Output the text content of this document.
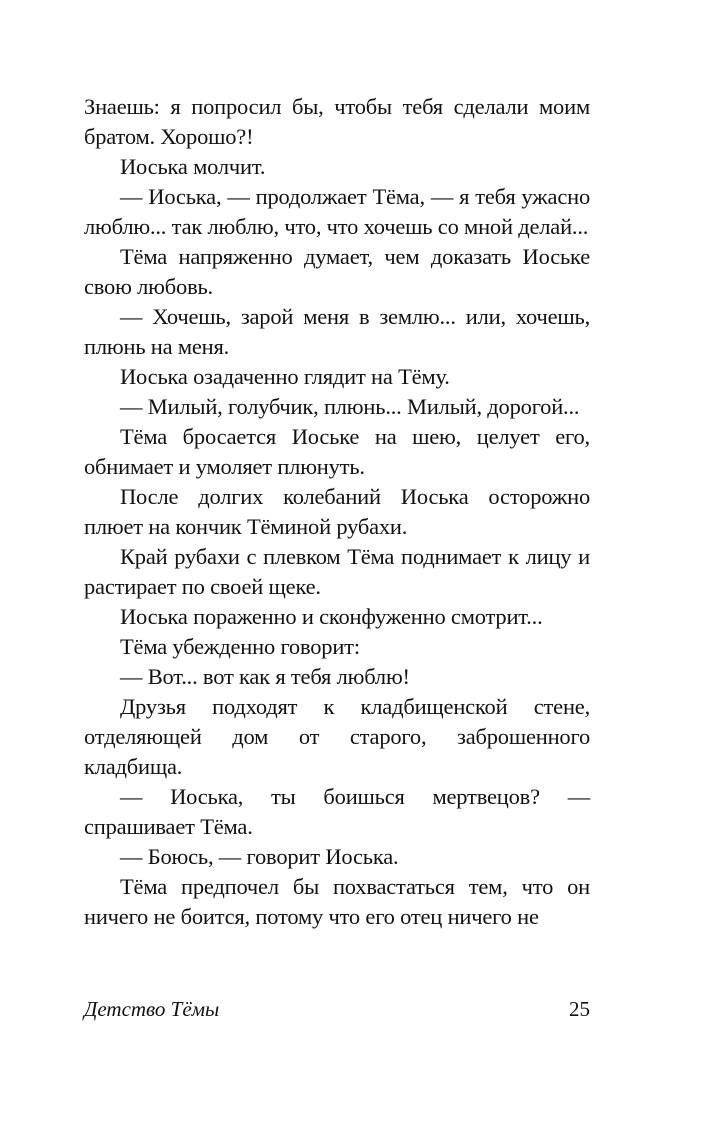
Знаешь: я попросил бы, чтобы тебя сделали моим братом. Хорошо?!

Иоська молчит.

— Иоська, — продолжает Тёма, — я тебя ужасно люблю... так люблю, что, что хочешь со мной делай...

Тёма напряженно думает, чем доказать Иоське свою любовь.

— Хочешь, зарой меня в землю... или, хочешь, плюнь на меня.

Иоська озадаченно глядит на Тёму.

— Милый, голубчик, плюнь... Милый, дорогой...

Тёма бросается Иоське на шею, целует его, обнимает и умоляет плюнуть.

После долгих колебаний Иоська осторожно плюет на кончик Тёминой рубахи.

Край рубахи с плевком Тёма поднимает к лицу и растирает по своей щеке.

Иоська пораженно и сконфуженно смотрит...

Тёма убежденно говорит:

— Вот... вот как я тебя люблю!

Друзья подходят к кладбищенской стене, отделяющей дом от старого, заброшенного кладбища.

— Иоська, ты боишься мертвецов? — спрашивает Тёма.

— Боюсь, — говорит Иоська.

Тёма предпочел бы похвастаться тем, что он ничего не боится, потому что его отец ничего не

Детство Тёмы	25
